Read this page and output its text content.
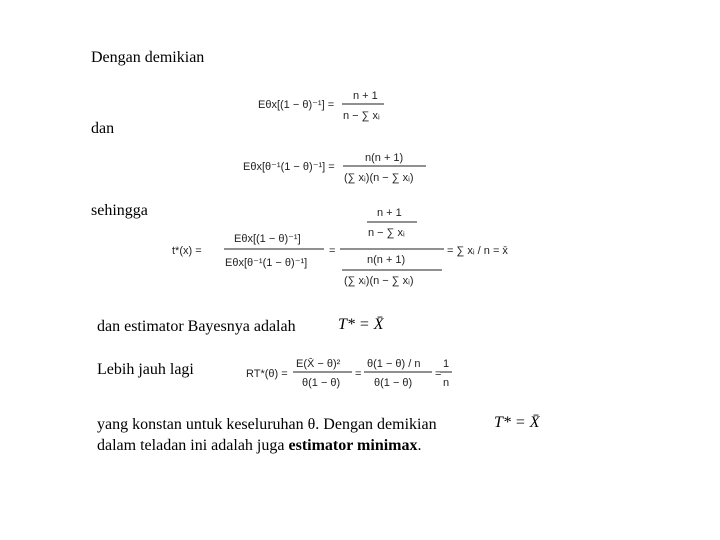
Dengan demikian
Eθx[(1 − θ)⁻¹] =
n + 1
n − ∑ xᵢ
dan
Eθx[θ⁻¹(1 − θ)⁻¹] =
n(n + 1)
(∑ xᵢ)(n − ∑ xᵢ)
sehingga
t*(x) =
Eθx[(1 − θ)⁻¹]
Eθx[θ⁻¹(1 − θ)⁻¹]
=
n + 1
n − ∑ xᵢ
n(n + 1)
(∑ xᵢ)(n − ∑ xᵢ)
= ∑ xᵢ / n = x̄
dan estimator Bayesnya adalah	T* = X̄
Lebih jauh lagi	RT*(θ) =
E(X̄ − θ)²
θ(1 − θ)
=
θ(1 − θ) / n
θ(1 − θ)
=
1
n
yang konstan untuk keseluruhan θ. Dengan demikian	T* = X̄
dalam teladan ini adalah juga estimator minimax.
